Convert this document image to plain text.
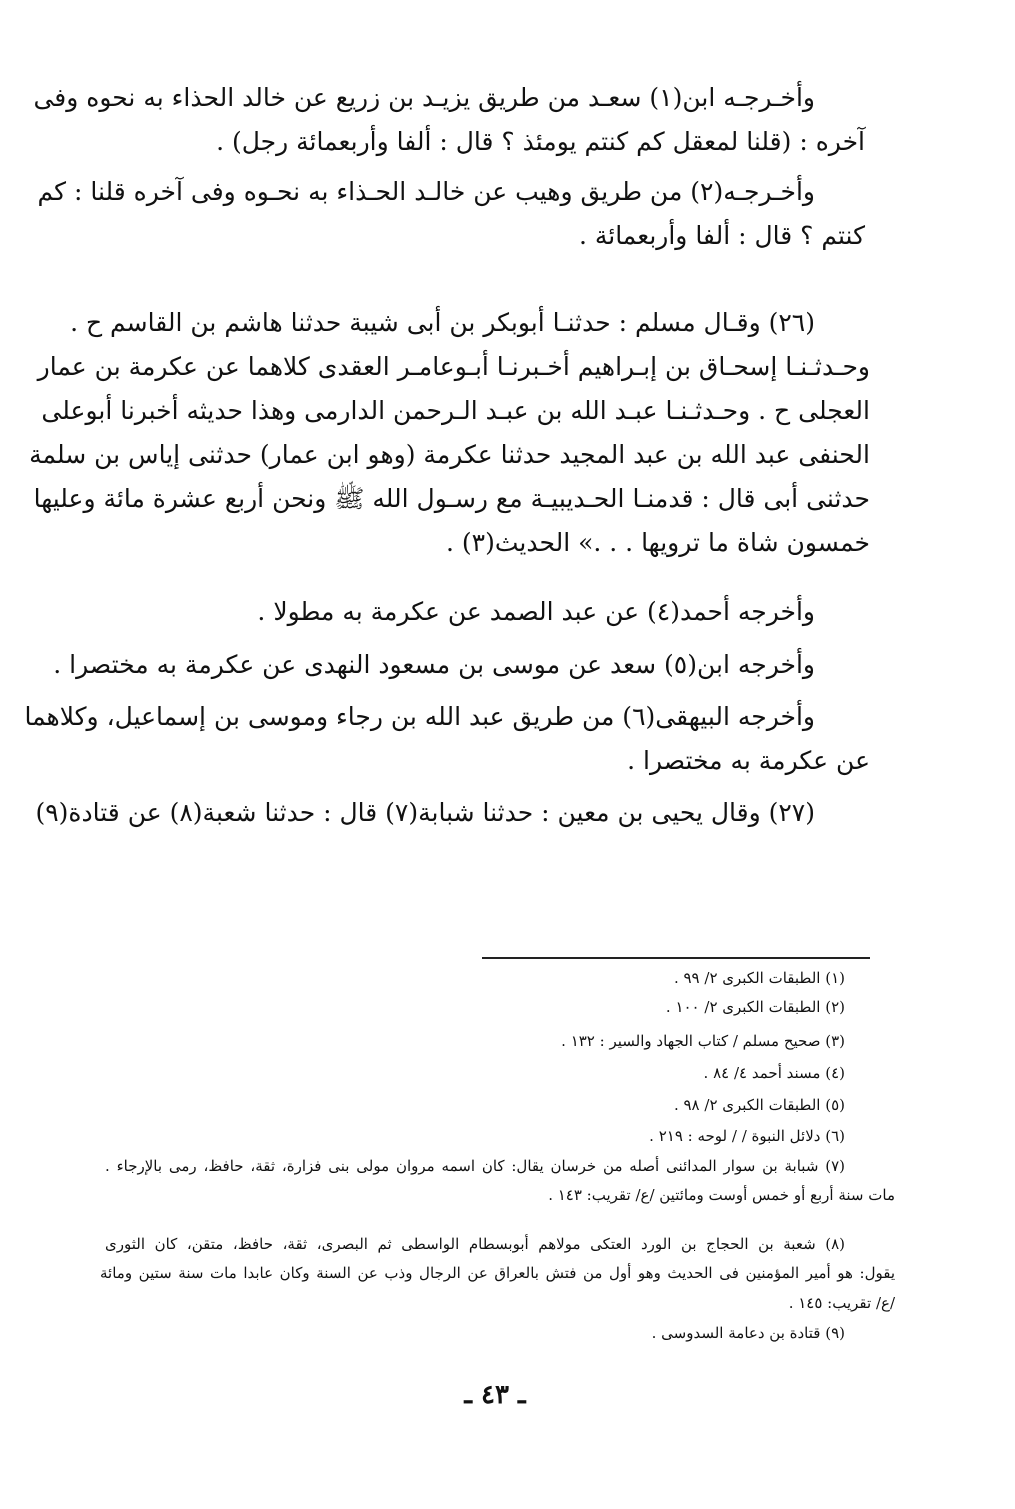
وأخـرجـه ابن(١) سعـد من طريق يزيـد بن زريع عن خالد الحذاء به نحوه وفى
آخره : (قلنا لمعقل كم كنتم يومئذ ؟ قال : ألفا وأربعمائة رجل) .
وأخـرجـه(٢) من طريق وهيب عن خالـد الحـذاء به نحـوه وفى آخره قلنا : كم
كنتم ؟ قال : ألفا وأربعمائة .
(٢٦) وقـال مسلم : حدثنـا أبوبكر بن أبى شيبة حدثنا هاشم بن القاسم ح .
وحـدثـنـا إسحـاق بن إبـراهيم أخـبرنـا أبـوعامـر العقدى كلاهما عن عكرمة بن عمار
العجلى ح . وحـدثـنـا عبـد الله بن عبـد الـرحمن الدارمى وهذا حديثه أخبرنا أبوعلى
الحنفى عبد الله بن عبد المجيد حدثنا عكرمة (وهو ابن عمار) حدثنى إياس بن سلمة
حدثنى أبى قال : قدمنـا الحـديبيـة مع رسـول الله ﷺ ونحن أربع عشرة مائة وعليها
خمسون شاة ما ترويها . . .» الحديث(٣) .
وأخرجه أحمد(٤) عن عبد الصمد عن عكرمة به مطولا .
وأخرجه ابن(٥) سعد عن موسى بن مسعود النهدى عن عكرمة به مختصرا .
وأخرجه البيهقى(٦) من طريق عبد الله بن رجاء وموسى بن إسماعيل، وكلاهما
عن عكرمة به مختصرا .
(٢٧) وقال يحيى بن معين : حدثنا شبابة(٧) قال : حدثنا شعبة(٨) عن قتادة(٩)
(١) الطبقات الكبرى ٢/ ٩٩ .
(٢) الطبقات الكبرى ٢/ ١٠٠ .
(٣) صحيح مسلم / كتاب الجهاد والسير : ١٣٢ .
(٤) مسند أحمد ٤/ ٨٤ .
(٥) الطبقات الكبرى ٢/ ٩٨ .
(٦) دلائل النبوة / / لوحه : ٢١٩ .
(٧) شبابة بن سوار المدائنى أصله من خرسان يقال: كان اسمه مروان مولى بنى فزارة، ثقة، حافظ، رمى بالإرجاء .
مات سنة أربع أو خمس أوست ومائتين /ع/ تقريب: ١٤٣ .
(٨) شعبة بن الحجاج بن الورد العتكى مولاهم أبوبسطام الواسطى ثم البصرى، ثقة، حافظ، متقن، كان الثورى
يقول: هو أمير المؤمنين فى الحديث وهو أول من فتش بالعراق عن الرجال وذب عن السنة وكان عابدا مات سنة ستين ومائة
/ع/ تقريب: ١٤٥ .
(٩) قتادة بن دعامة السدوسى .
ـ ٤٣ ـ
